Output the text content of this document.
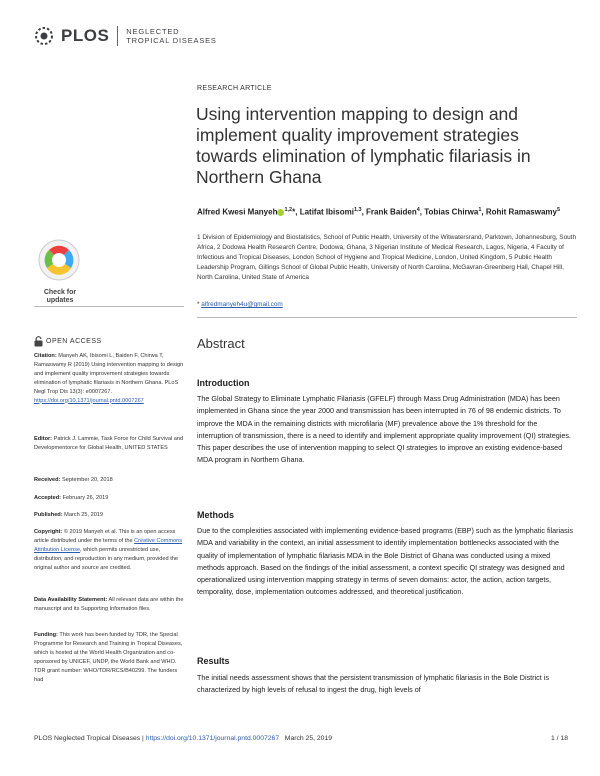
PLOS NEGLECTED
TROPICAL DISEASES
Check for updates
OPEN ACCESS
Citation: Manyeh AK, Ibisomi L, Baiden F, Chirwa T, Ramaswamy R (2019) Using intervention mapping to design and implement quality improvement strategies towards elimination of lymphatic filariasis in Northern Ghana. PLoS Negl Trop Dis 13(3): e0007267. https://doi.org/10.1371/journal.pntd.0007267
Editor: Patrick J. Lammie, Task Force for Child Survival and Developmentorce for Global Health, UNITED STATES
Received: September 20, 2018
Accepted: February 26, 2019
Published: March 25, 2019
Copyright: © 2019 Manyeh et al. This is an open access article distributed under the terms of the Creative Commons Attribution License, which permits unrestricted use, distribution, and reproduction in any medium, provided the original author and source are credited.
Data Availability Statement: All relevant data are within the manuscript and its Supporting Information files.
Funding: This work has been funded by TDR, the Special Programme for Research and Training in Tropical Diseases, which is hosted at the World Health Organization and co-sponsored by UNICEF, UNDP, the World Bank and WHO. TDR grant number: WHO/TDR/RCS/B40299. The funders had
RESEARCH ARTICLE
Using intervention mapping to design and implement quality improvement strategies towards elimination of lymphatic filariasis in Northern Ghana
Alfred Kwesi Manyeh $^{1,2}$*, Latifat Ibisomi$^{1,3}$, Frank Baiden$^4$, Tobias Chirwa$^1$, Rohit Ramaswamy$^5$
1 Division of Epidemiology and Biostatistics, School of Public Health, University of the Witwatersrand, Parktown, Johannesburg, South Africa, 2 Dodowa Health Research Centre, Dodowa, Ghana, 3 Nigerian Institute of Medical Research, Lagos, Nigeria, 4 Faculty of Infectious and Tropical Diseases, London School of Hygiene and Tropical Medicine, London, United Kingdom, 5 Public Health Leadership Program, Gillings School of Global Public Health, University of North Carolina, McGavran-Greenberg Hall, Chapel Hill, North Carolina, United State of America
* alfredmanyeh4u@gmail.com
Abstract
Introduction
The Global Strategy to Eliminate Lymphatic Filariasis (GFELF) through Mass Drug Administration (MDA) has been implemented in Ghana since the year 2000 and transmission has been interrupted in 76 of 98 endemic districts. To improve the MDA in the remaining districts with microfilaria (MF) prevalence above the 1% threshold for the interruption of transmission, there is a need to identify and implement appropriate quality improvement (QI) strategies. This paper describes the use of intervention mapping to select QI strategies to improve an existing evidence-based MDA program in Northern Ghana.
Methods
Due to the complexities associated with implementing evidence-based programs (EBP) such as the lymphatic filariasis MDA and variability in the context, an initial assessment to identify implementation bottlenecks associated with the quality of implementation of lymphatic filariasis MDA in the Bole District of Ghana was conducted using a mixed methods approach. Based on the findings of the initial assessment, a context specific QI strategy was designed and operationalized using intervention mapping strategy in terms of seven domains: actor, the action, action targets, temporality, dose, implementation outcomes addressed, and theoretical justification.
Results
The initial needs assessment shows that the persistent transmission of lymphatic filariasis in the Bole District is characterized by high levels of refusal to ingest the drug, high levels of
PLOS Neglected Tropical Diseases | https://doi.org/10.1371/journal.pntd.0007267 March 25, 2019	1 / 18
